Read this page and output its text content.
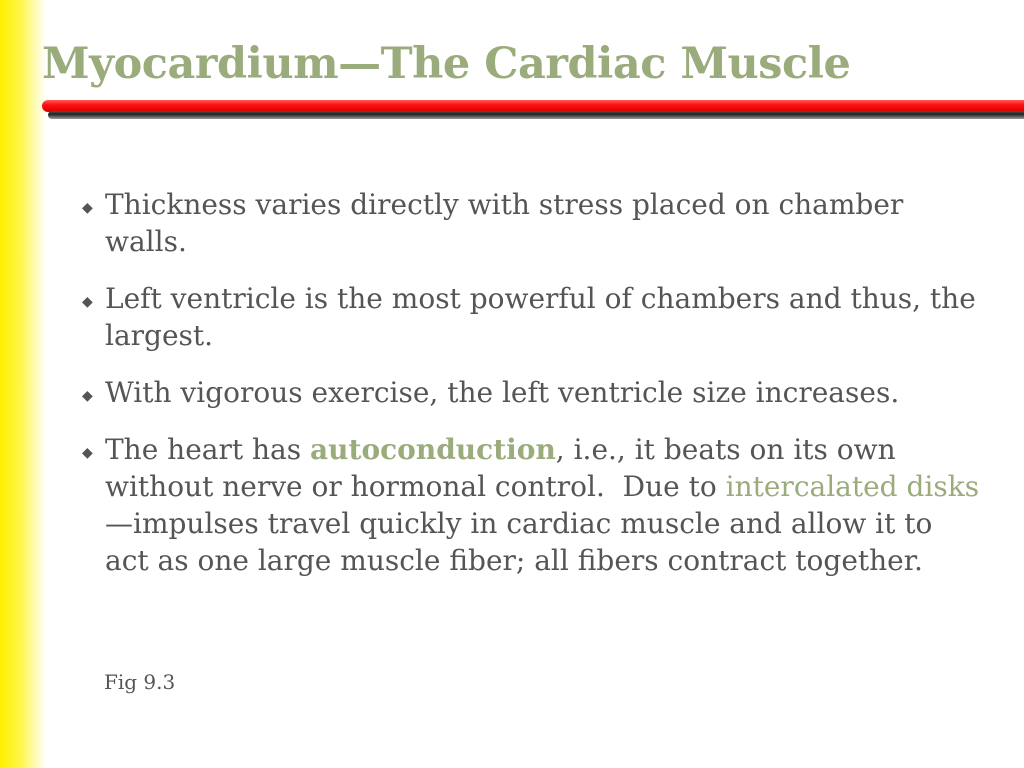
Myocardium—The Cardiac Muscle
◆ Thickness varies directly with stress placed on chamber walls.
◆ Left ventricle is the most powerful of chambers and thus, the largest.
◆ With vigorous exercise, the left ventricle size increases.
◆ The heart has autoconduction, i.e., it beats on its own without nerve or hormonal control.  Due to intercalated disks—impulses travel quickly in cardiac muscle and allow it to act as one large muscle fiber; all fibers contract together.
Fig 9.3
